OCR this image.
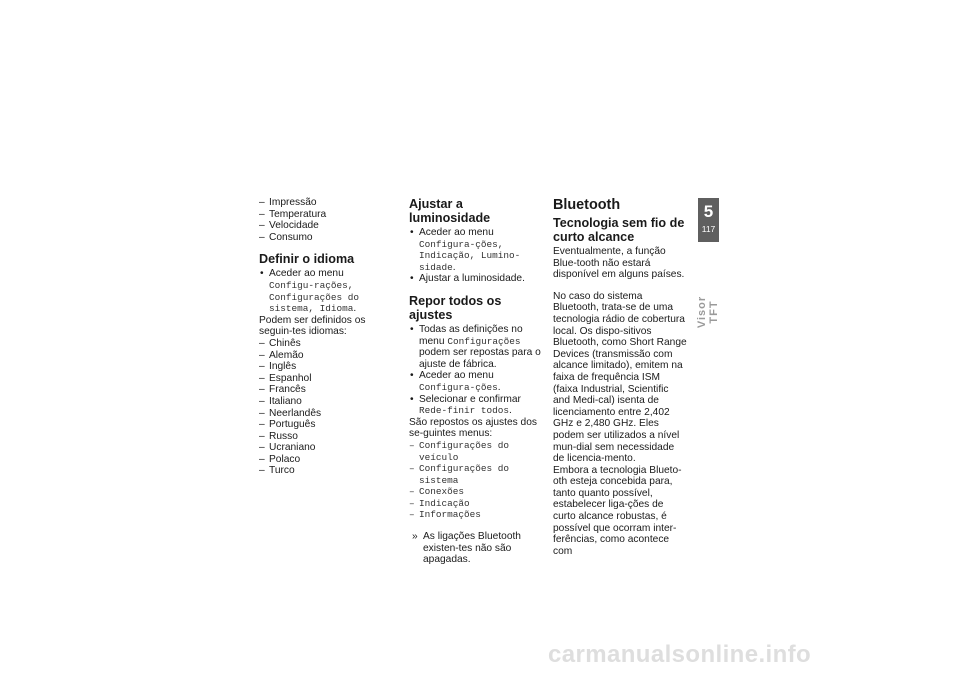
– Impressão
– Temperatura
– Velocidade
– Consumo
Definir o idioma
• Aceder ao menu Configu-rações, Configurações do sistema, Idioma.

Podem ser definidos os seguin-tes idiomas:

– Chinês
– Alemão
– Inglês
– Espanhol
– Francês
– Italiano
– Neerlandês
– Português
– Russo
– Ucraniano
– Polaco
– Turco
Ajustar a luminosidade
• Aceder ao menu Configura-ções, Indicação, Lumino-sidade.
• Ajustar a luminosidade.
Repor todos os ajustes
• Todas as definições no menu Configurações podem ser repostas para o ajuste de fábrica.
• Aceder ao menu Configura-ções.
• Selecionar e confirmar Rede-finir todos.

São repostos os ajustes dos se-guintes menus:

– Configurações do veículo
– Configurações do sistema
– Conexões
– Indicação
– Informações
» As ligações Bluetooth existen-tes não são apagadas.
Bluetooth
Tecnologia sem fio de curto alcance

Eventualmente, a função Blue-tooth não estará disponível em alguns países.

No caso do sistema Bluetooth, trata-se de uma tecnologia rádio de cobertura local. Os dispo-sitivos Bluetooth, como Short Range Devices (transmissão com alcance limitado), emitem na faixa de frequência ISM (faixa Industrial, Scientific and Medi-cal) isenta de licenciamento entre 2,402 GHz e 2,480 GHz. Eles podem ser utilizados a nível mun-dial sem necessidade de licencia-mento.

Embora a tecnologia Blueto-oth esteja concebida para, tanto quanto possível, estabelecer liga-ções de curto alcance robustas, é possível que ocorram inter-ferências, como acontece com

5
117
Visor TFT
carmanualsonline.info
